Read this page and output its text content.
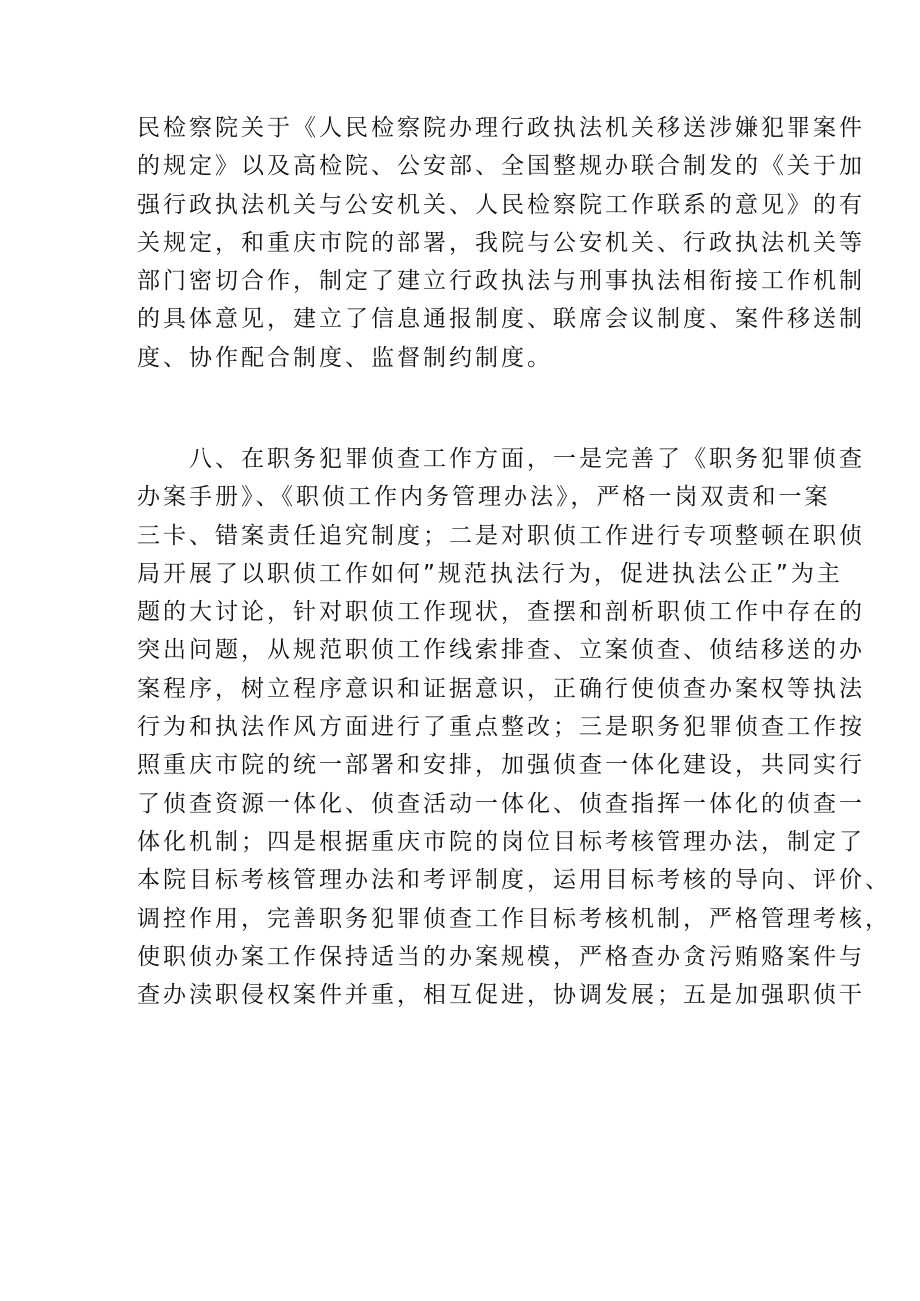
民检察院关于《人民检察院办理行政执法机关移送涉嫌犯罪案件
的规定》以及高检院、公安部、全国整规办联合制发的《关于加
强行政执法机关与公安机关、人民检察院工作联系的意见》的有
关规定，和重庆市院的部署，我院与公安机关、行政执法机关等
部门密切合作，制定了建立行政执法与刑事执法相衔接工作机制
的具体意见，建立了信息通报制度、联席会议制度、案件移送制
度、协作配合制度、监督制约制度。
　　八、在职务犯罪侦查工作方面，一是完善了《职务犯罪侦查
办案手册》、《职侦工作内务管理办法》，严格一岗双责和一案
三卡、错案责任追究制度；二是对职侦工作进行专项整顿在职侦
局开展了以职侦工作如何”规范执法行为，促进执法公正”为主
题的大讨论，针对职侦工作现状，查摆和剖析职侦工作中存在的
突出问题，从规范职侦工作线索排查、立案侦查、侦结移送的办
案程序，树立程序意识和证据意识，正确行使侦查办案权等执法
行为和执法作风方面进行了重点整改；三是职务犯罪侦查工作按
照重庆市院的统一部署和安排，加强侦查一体化建设，共同实行
了侦查资源一体化、侦查活动一体化、侦查指挥一体化的侦查一
体化机制；四是根据重庆市院的岗位目标考核管理办法，制定了
本院目标考核管理办法和考评制度，运用目标考核的导向、评价、
调控作用，完善职务犯罪侦查工作目标考核机制，严格管理考核，
使职侦办案工作保持适当的办案规模，严格查办贪污贿赂案件与
查办渎职侵权案件并重，相互促进，协调发展；五是加强职侦干
